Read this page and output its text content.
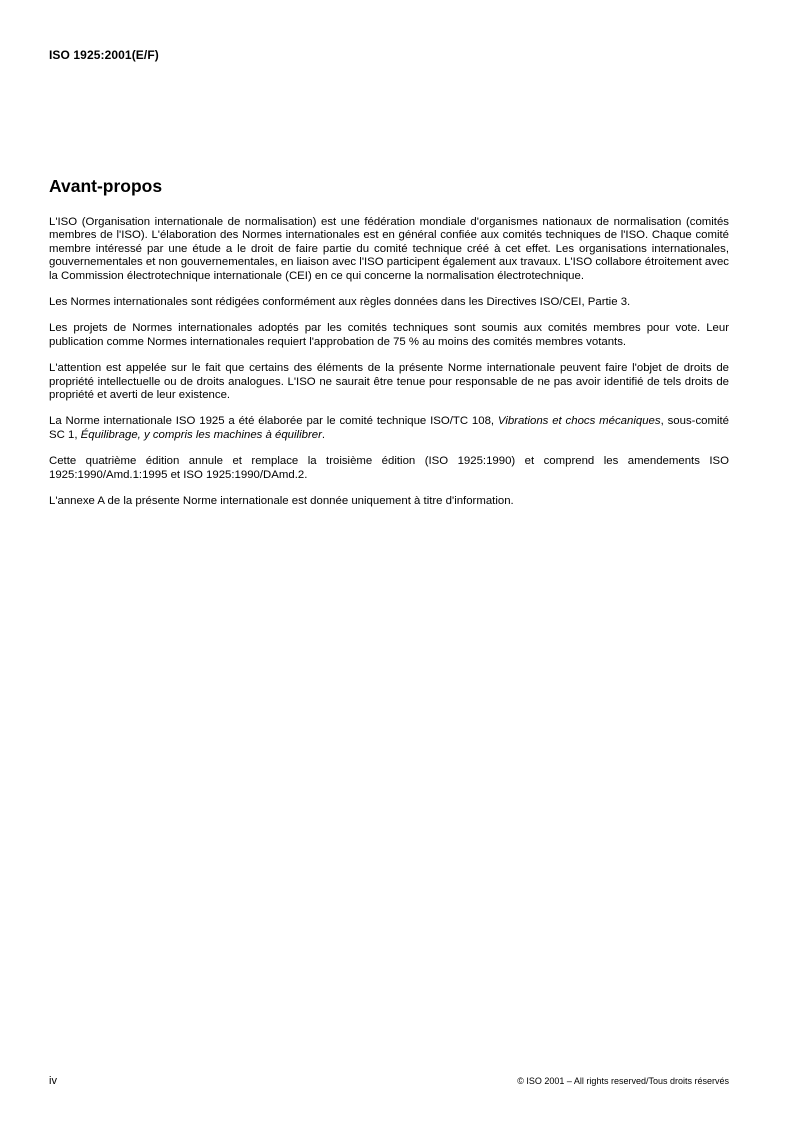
ISO 1925:2001(E/F)
Avant-propos

L'ISO (Organisation internationale de normalisation) est une fédération mondiale d'organismes nationaux de normalisation (comités membres de l'ISO). L'élaboration des Normes internationales est en général confiée aux comités techniques de l'ISO. Chaque comité membre intéressé par une étude a le droit de faire partie du comité technique créé à cet effet. Les organisations internationales, gouvernementales et non gouvernementales, en liaison avec l'ISO participent également aux travaux. L'ISO collabore étroitement avec la Commission électrotechnique internationale (CEI) en ce qui concerne la normalisation électrotechnique.

Les Normes internationales sont rédigées conformément aux règles données dans les Directives ISO/CEI, Partie 3.

Les projets de Normes internationales adoptés par les comités techniques sont soumis aux comités membres pour vote. Leur publication comme Normes internationales requiert l'approbation de 75 % au moins des comités membres votants.

L'attention est appelée sur le fait que certains des éléments de la présente Norme internationale peuvent faire l'objet de droits de propriété intellectuelle ou de droits analogues. L'ISO ne saurait être tenue pour responsable de ne pas avoir identifié de tels droits de propriété et averti de leur existence.

La Norme internationale ISO 1925 a été élaborée par le comité technique ISO/TC 108, Vibrations et chocs mécaniques, sous-comité SC 1, Équilibrage, y compris les machines à équilibrer.

Cette quatrième édition annule et remplace la troisième édition (ISO 1925:1990) et comprend les amendements ISO 1925:1990/Amd.1:1995 et ISO 1925:1990/DAmd.2.

L'annexe A de la présente Norme internationale est donnée uniquement à titre d'information.

iv	© ISO 2001 – All rights reserved/Tous droits réservés
